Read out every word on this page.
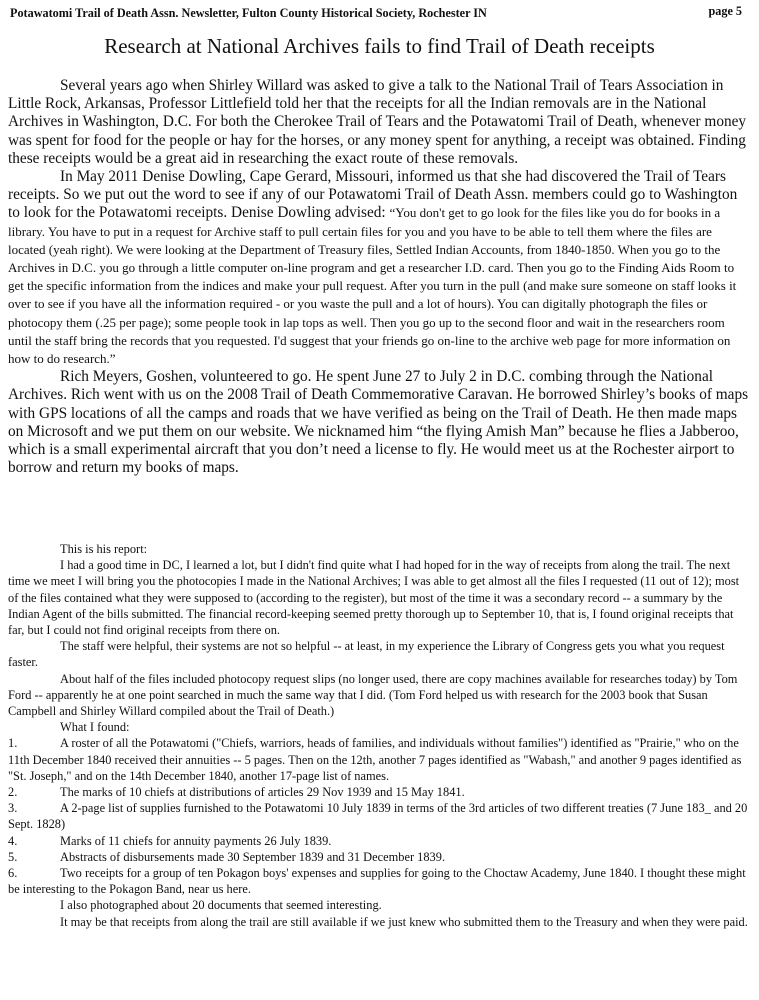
Potawatomi Trail of Death Assn. Newsletter, Fulton County Historical Society, Rochester IN	page 5
Research at National Archives fails to find Trail of Death receipts

Several years ago when Shirley Willard was asked to give a talk to the National Trail of Tears Association in Little Rock, Arkansas, Professor Littlefield told her that the receipts for all the Indian removals are in the National Archives in Washington, D.C. For both the Cherokee Trail of Tears and the Potawatomi Trail of Death, whenever money was spent for food for the people or hay for the horses, or any money spent for anything, a receipt was obtained. Finding these receipts would be a great aid in researching the exact route of these removals.

In May 2011 Denise Dowling, Cape Gerard, Missouri, informed us that she had discovered the Trail of Tears receipts. So we put out the word to see if any of our Potawatomi Trail of Death Assn. members could go to Washington to look for the Potawatomi receipts. Denise Dowling advised: “You don't get to go look for the files like you do for books in a library. You have to put in a request for Archive staff to pull certain files for you and you have to be able to tell them where the files are located (yeah right). We were looking at the Department of Treasury files, Settled Indian Accounts, from 1840-1850. When you go to the Archives in D.C. you go through a little computer on-line program and get a researcher I.D. card. Then you go to the Finding Aids Room to get the specific information from the indices and make your pull request. After you turn in the pull (and make sure someone on staff looks it over to see if you have all the information required - or you waste the pull and a lot of hours). You can digitally photograph the files or photocopy them (.25 per page); some people took in lap tops as well. Then you go up to the second floor and wait in the researchers room until the staff bring the records that you requested. I'd suggest that your friends go on-line to the archive web page for more information on how to do research.”

Rich Meyers, Goshen, volunteered to go. He spent June 27 to July 2 in D.C. combing through the National Archives. Rich went with us on the 2008 Trail of Death Commemorative Caravan. He borrowed Shirley’s books of maps with GPS locations of all the camps and roads that we have verified as being on the Trail of Death. He then made maps on Microsoft and we put them on our website. We nicknamed him “the flying Amish Man” because he flies a Jabberoo, which is a small experimental aircraft that you don’t need a license to fly. He would meet us at the Rochester airport to borrow and return my books of maps.

This is his report:

I had a good time in DC, I learned a lot, but I didn't find quite what I had hoped for in the way of receipts from along the trail. The next time we meet I will bring you the photocopies I made in the National Archives; I was able to get almost all the files I requested (11 out of 12); most of the files contained what they were supposed to (according to the register), but most of the time it was a secondary record -- a summary by the Indian Agent of the bills submitted. The financial record-keeping seemed pretty thorough up to September 10, that is, I found original receipts that far, but I could not find original receipts from there on.

The staff were helpful, their systems are not so helpful -- at least, in my experience the Library of Congress gets you what you request faster.

About half of the files included photocopy request slips (no longer used, there are copy machines available for researches today) by Tom Ford -- apparently he at one point searched in much the same way that I did. (Tom Ford helped us with research for the 2003 book that Susan Campbell and Shirley Willard compiled about the Trail of Death.)

What I found:

1.	A roster of all the Potawatomi ("Chiefs, warriors, heads of families, and individuals without families") identified as "Prairie," who on the 11th December 1840 received their annuities -- 5 pages. Then on the 12th, another 7 pages identified as "Wabash," and another 9 pages identified as "St. Joseph," and on the 14th December 1840, another 17-page list of names.
2.	The marks of 10 chiefs at distributions of articles 29 Nov 1939 and 15 May 1841.
3.	A 2-page list of supplies furnished to the Potawatomi 10 July 1839 in terms of the 3rd articles of two different treaties (7 June 183_ and 20 Sept. 1828)
4.	Marks of 11 chiefs for annuity payments 26 July 1839.
5.	Abstracts of disbursements made 30 September 1839 and 31 December 1839.
6.	Two receipts for a group of ten Pokagon boys' expenses and supplies for going to the Choctaw Academy, June 1840. I thought these might be interesting to the Pokagon Band, near us here.

I also photographed about 20 documents that seemed interesting.

It may be that receipts from along the trail are still available if we just knew who submitted them to the Treasury and when they were paid.
